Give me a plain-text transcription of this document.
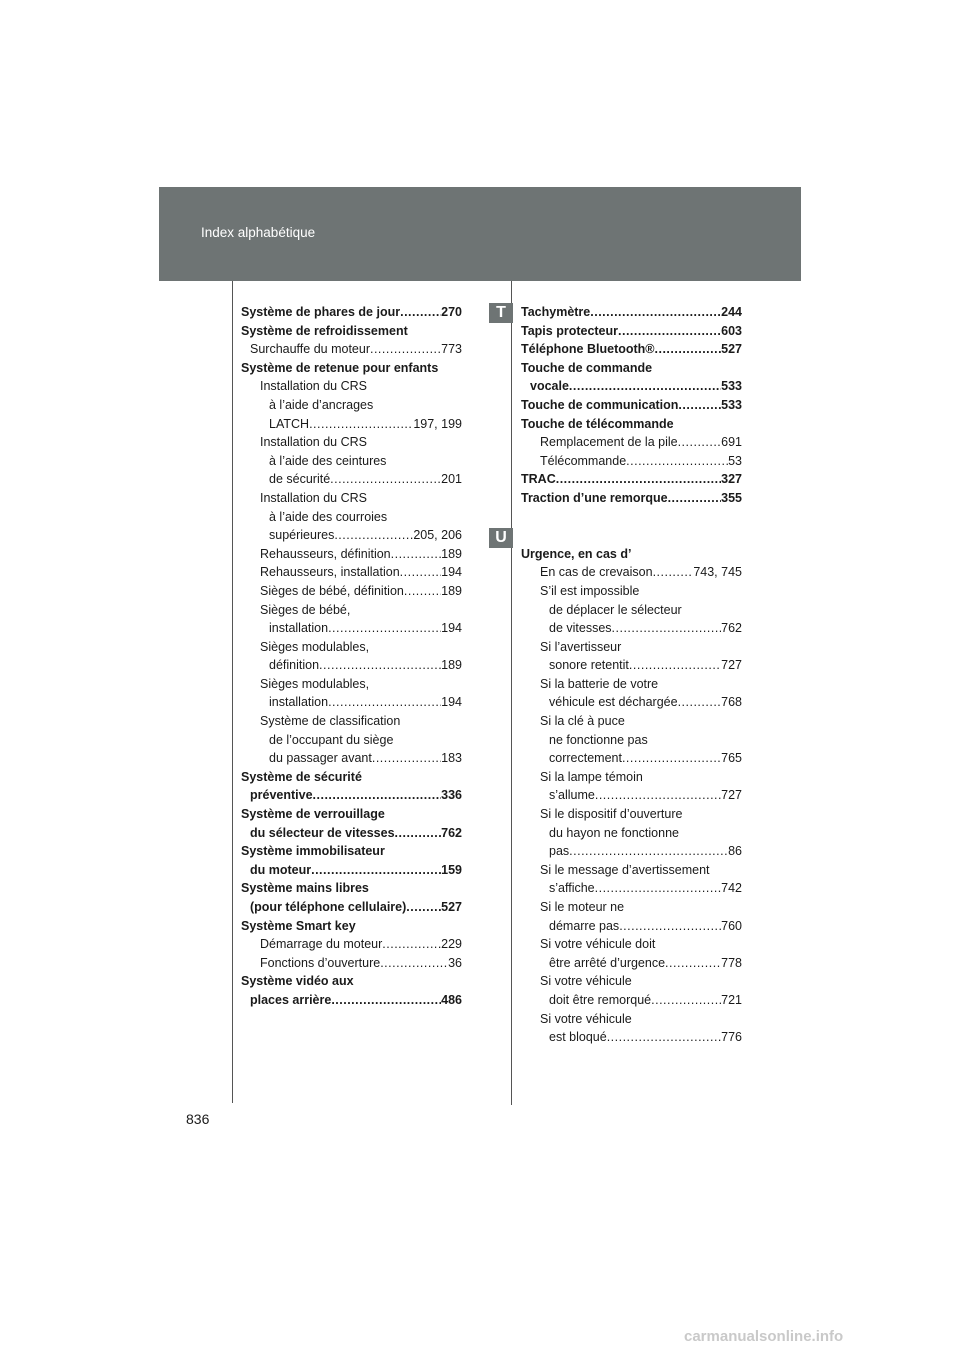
Index alphabétique
836
Système de phares de jour .....	270
Système de refroidissement
Surchauffe du moteur .....	773
Système de retenue pour enfants
Installation du CRS
à l’aide d’ancrages
LATCH .....	197, 199
Installation du CRS
à l’aide des ceintures
de sécurité .....	201
Installation du CRS
à l’aide des courroies
supérieures .....	205, 206
Rehausseurs, définition .....	189
Rehausseurs, installation .....	194
Sièges de bébé, définition .....	189
Sièges de bébé,
installation .....	194
Sièges modulables,
définition .....	189
Sièges modulables,
installation .....	194
Système de classification
de l’occupant du siège
du passager avant .....	183
Système de sécurité
préventive .....	336
Système de verrouillage
du sélecteur de vitesses .....	762
Système immobilisateur
du moteur .....	159
Système mains libres
(pour téléphone cellulaire) .....	527
Système Smart key
Démarrage du moteur .....	229
Fonctions d’ouverture .....	36
Système vidéo aux
places arrière .....	486
T
U
Tachymètre .....	244
Tapis protecteur .....	603
Téléphone Bluetooth® .....	527
Touche de commande
vocale .....	533
Touche de communication .....	533
Touche de télécommande
Remplacement de la pile .....	691
Télécommande .....	53
TRAC .....	327
Traction d’une remorque .....	355
Urgence, en cas d’
En cas de crevaison .....	743, 745
S’il est impossible
de déplacer le sélecteur
de vitesses .....	762
Si l’avertisseur
sonore retentit .....	727
Si la batterie de votre
véhicule est déchargée .....	768
Si la clé à puce
ne fonctionne pas
correctement .....	765
Si la lampe témoin
s’allume .....	727
Si le dispositif d’ouverture
du hayon ne fonctionne
pas .....	86
Si le message d’avertissement
s’affiche .....	742
Si le moteur ne
démarre pas .....	760
Si votre véhicule doit
être arrêté d’urgence .....	778
Si votre véhicule
doit être remorqué .....	721
Si votre véhicule
est bloqué .....	776
carmanualsonline.info
